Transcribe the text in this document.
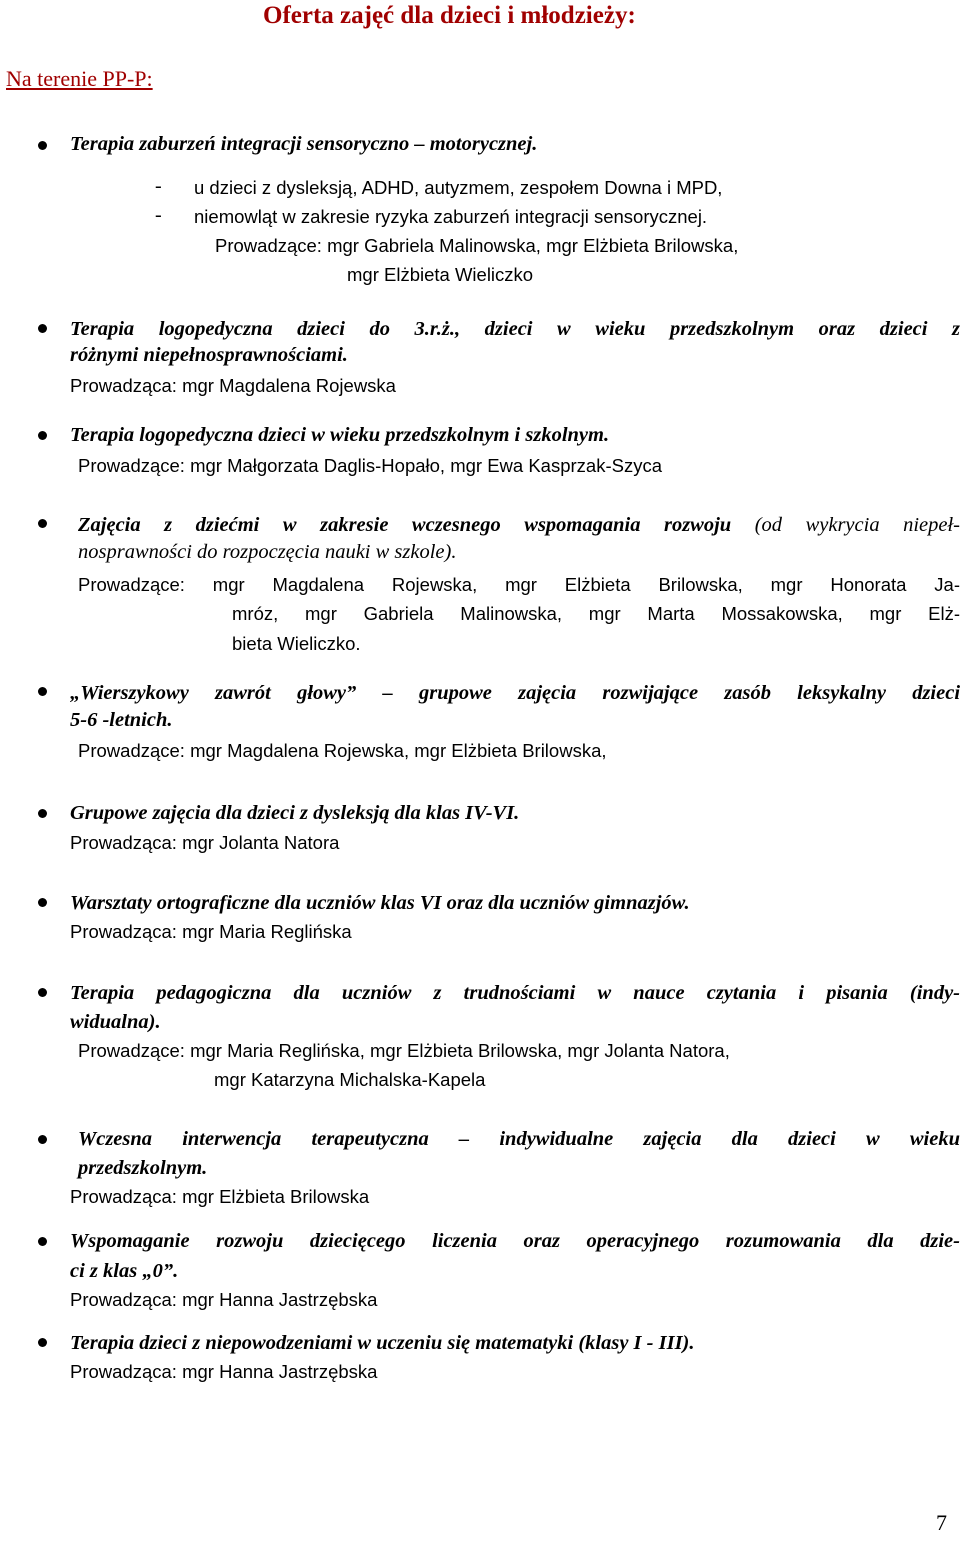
Oferta zajęć dla dzieci i młodzieży:
Na terenie PP-P:
Terapia zaburzeń integracji sensoryczno – motorycznej.
- u dzieci z dysleksją, ADHD, autyzmem, zespołem Downa i MPD,
- niemowląt w zakresie ryzyka zaburzeń integracji sensorycznej.
Prowadzące: mgr Gabriela Malinowska, mgr Elżbieta Brilowska,
mgr Elżbieta Wieliczko
Terapia logopedyczna dzieci do 3.r.ż., dzieci w wieku przedszkolnym oraz dzieci z
różnymi niepełnosprawnościami.
Prowadząca: mgr Magdalena Rojewska
Terapia logopedyczna dzieci w wieku przedszkolnym i szkolnym.
Prowadzące: mgr Małgorzata Daglis-Hopało, mgr Ewa Kasprzak-Szyca
Zajęcia z dziećmi w zakresie wczesnego wspomagania rozwoju (od wykrycia niepeł-
nosprawności do rozpoczęcia nauki w szkole).
Prowadzące: mgr Magdalena Rojewska, mgr Elżbieta Brilowska, mgr Honorata Ja-
mróz, mgr Gabriela Malinowska, mgr Marta Mossakowska, mgr Elż-
bieta Wieliczko.
„Wierszykowy zawrót głowy” – grupowe zajęcia rozwijające zasób leksykalny dzieci
5-6 -letnich.
Prowadzące: mgr Magdalena Rojewska, mgr Elżbieta Brilowska,
Grupowe zajęcia dla dzieci z dysleksją dla klas IV-VI.
Prowadząca: mgr Jolanta Natora
Warsztaty ortograficzne dla uczniów klas VI oraz dla uczniów gimnazjów.
Prowadząca: mgr Maria Reglińska
Terapia pedagogiczna dla uczniów z trudnościami w nauce czytania i pisania (indy-
widualna).
Prowadzące: mgr Maria Reglińska, mgr Elżbieta Brilowska, mgr Jolanta Natora,
mgr Katarzyna Michalska-Kapela
Wczesna interwencja terapeutyczna – indywidualne zajęcia dla dzieci w wieku
przedszkolnym.
Prowadząca: mgr Elżbieta Brilowska
Wspomaganie rozwoju dziecięcego liczenia oraz operacyjnego rozumowania dla dzie-
ci z klas „0”.
Prowadząca: mgr Hanna Jastrzębska
Terapia dzieci z niepowodzeniami w uczeniu się matematyki (klasy I - III).
Prowadząca: mgr Hanna Jastrzębska
7
